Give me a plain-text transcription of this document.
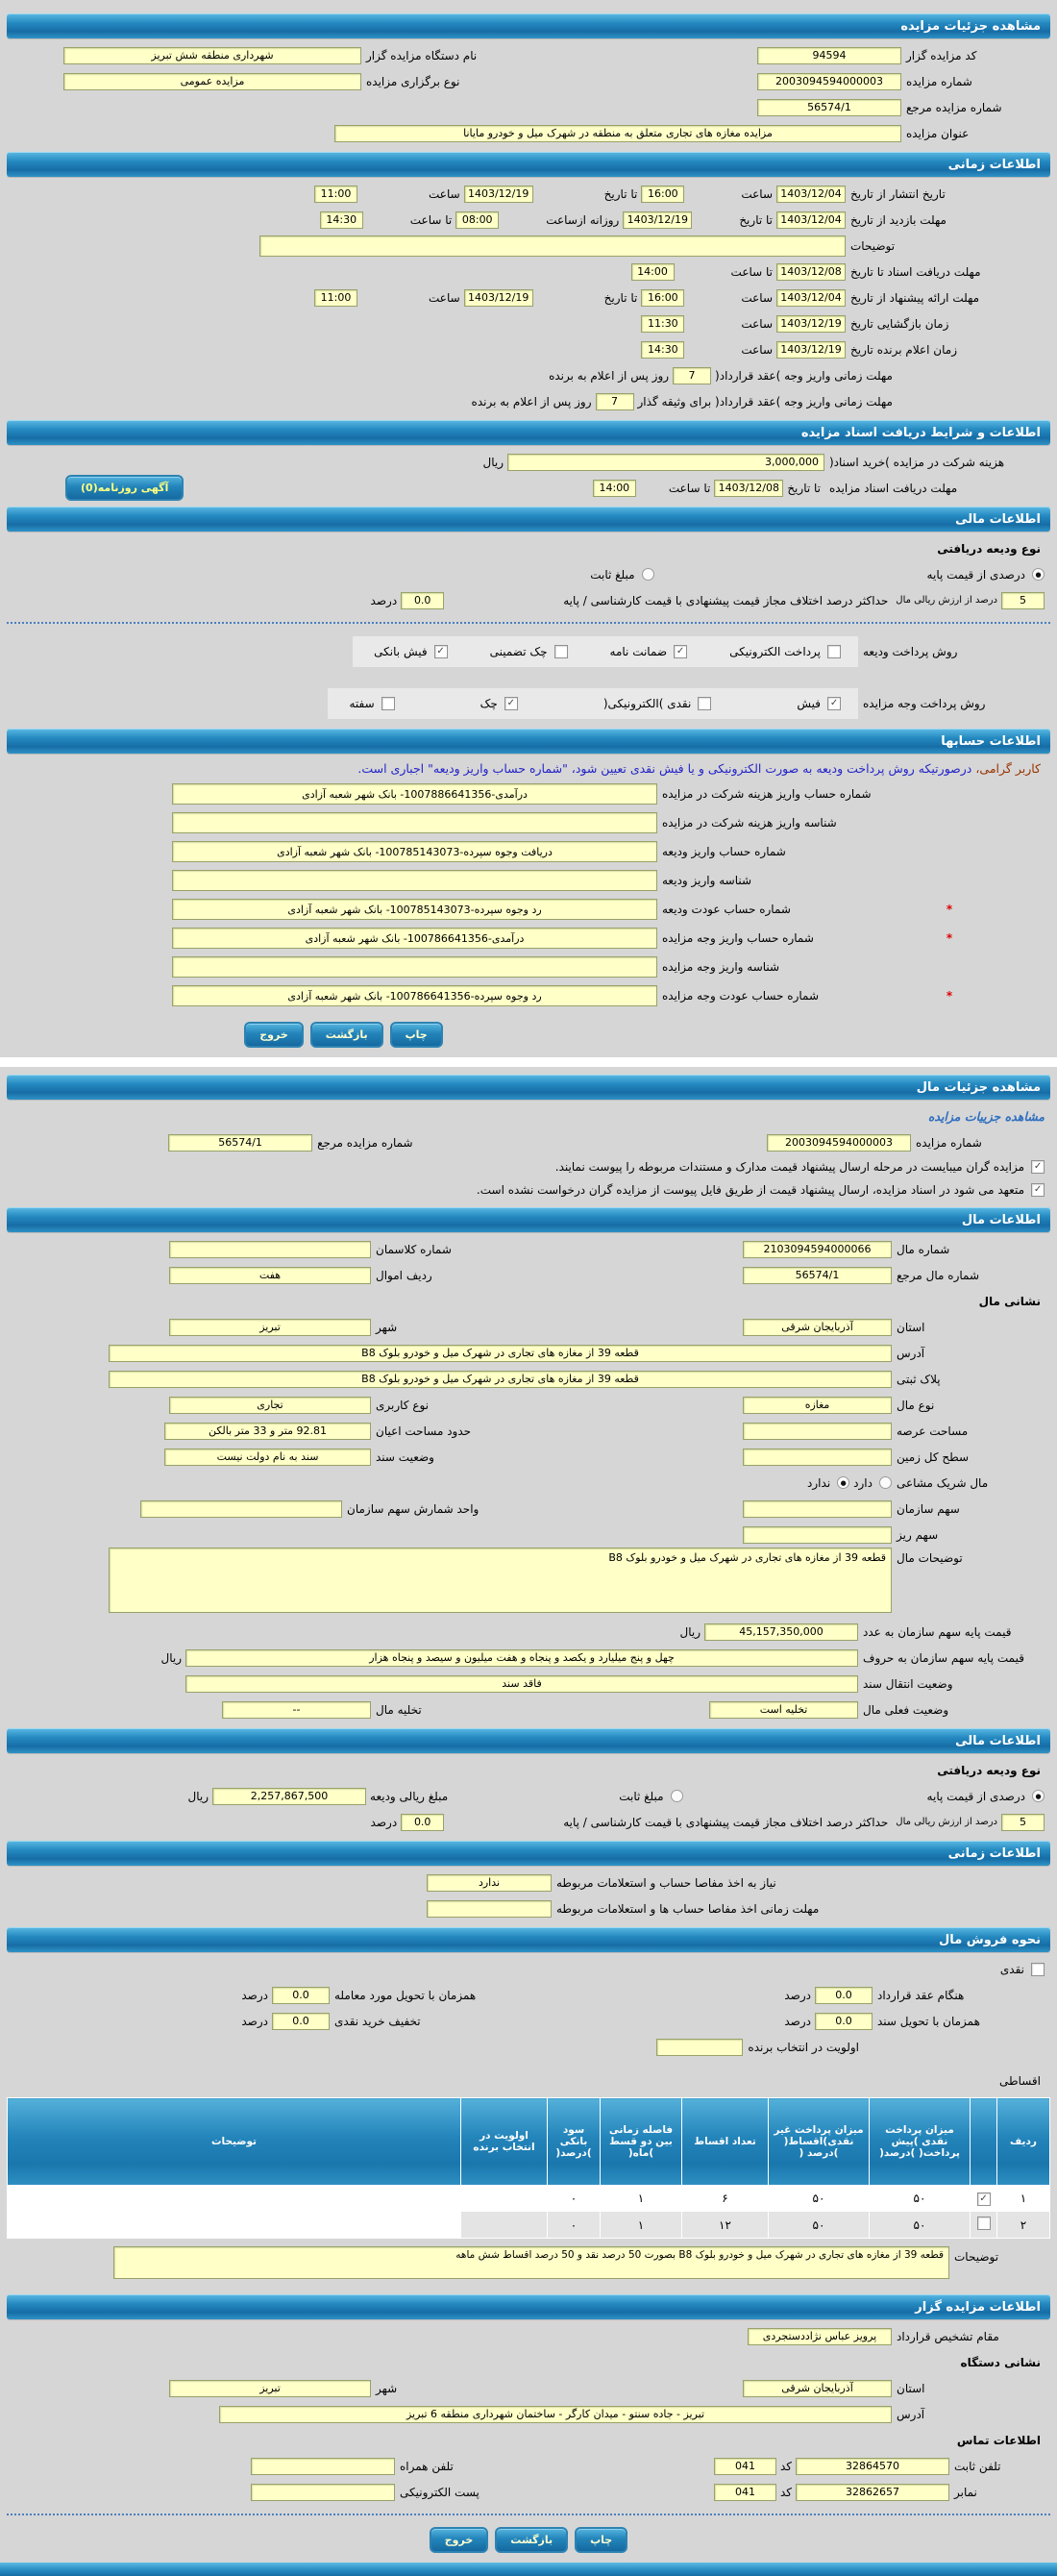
مشاهده جزئیات مزایده
کد مزایده گزار
94594
نام دستگاه مزایده گزار
شهرداری منطقه شش تبریز
شماره مزایده
2003094594000003
نوع برگزاری مزایده
مزایده عمومی
شماره مزایده مرجع
56574/1
عنوان مزایده
مزایده مغازه های تجاری متعلق به منطقه در شهرک میل و خودرو مایانا
اطلاعات زمانی
تاریخ انتشار از تاریخ
1403/12/04
ساعت
16:00
تا تاریخ
1403/12/19
ساعت
11:00
مهلت بازدید از تاریخ
1403/12/04
تا تاریخ
1403/12/19
روزانه ازساعت
08:00
تا ساعت
14:30
توضیحات
مهلت دریافت اسناد تا تاریخ
1403/12/08
تا ساعت
14:00
مهلت ارائه پیشنهاد از تاریخ
1403/12/04
ساعت
16:00
تا تاریخ
1403/12/19
ساعت
11:00
زمان بازگشایی تاریخ
1403/12/19
ساعت
11:30
زمان اعلام برنده تاریخ
1403/12/19
ساعت
14:30
مهلت زمانی واریز وجه )عقد قرارداد(
7
روز پس از اعلام به برنده
مهلت زمانی واریز وجه )عقد قرارداد( برای وثیقه گذار
7
روز پس از اعلام به برنده
اطلاعات و شرایط دریافت اسناد مزایده
هزینه شرکت در مزایده )خرید اسناد(
3,000,000
ریال
مهلت دریافت اسناد مزایده
تا تاریخ
1403/12/08
تا ساعت
14:00
آگهی روزنامه(0)
اطلاعات مالی
نوع ودیعه دریافتی
●
درصدی از قیمت پایه
مبلغ ثابت
5
درصد از ارزش ریالی مال
حداکثر درصد اختلاف مجاز قیمت پیشنهادی با قیمت کارشناسی / پایه
0.0
درصد
روش پرداخت ودیعه
پرداخت الکترونیکی
✓
ضمانت نامه
چک تضمینی
✓
فیش بانکی
روش پرداخت وجه مزایده
✓
فیش
نقدی )الکترونیکی(
✓
چک
سفته
اطلاعات حسابها
کاربر گرامی، درصورتیکه روش پرداخت ودیعه به صورت الکترونیکی و یا فیش نقدی تعیین شود، "شماره حساب واریز ودیعه" اجباری است.
شماره حساب واریز هزینه شرکت در مزایده
درآمدی-1007886641356- بانک شهر شعبه آزادی
شناسه واریز هزینه شرکت در مزایده
شماره حساب واریز ودیعه
دریافت وجوه سپرده-100785143073- بانک شهر شعبه آزادی
شناسه واریز ودیعه
*
شماره حساب عودت ودیعه
رد وجوه سپرده-100785143073- بانک شهر شعبه آزادی
*
شماره حساب واریز وجه مزایده
درآمدی-100786641356- بانک شهر شعبه آزادی
شناسه واریز وجه مزایده
*
شماره حساب عودت وجه مزایده
رد وجوه سپرده-100786641356- بانک شهر شعبه آزادی
چاپ
بازگشت
خروج
مشاهده جزئیات مال
مشاهده جزییات مزایده
شماره مزایده
2003094594000003
شماره مزایده مرجع
56574/1
✓
مزایده گران میبایست در مرحله ارسال پیشنهاد قیمت مدارک و مستندات مربوطه را پیوست نمایند.
✓
متعهد می شود در اسناد مزایده، ارسال پیشنهاد قیمت از طریق فایل پیوست از مزایده گران درخواست نشده است.
اطلاعات مال
شماره مال
2103094594000066
شماره کلاسمان
شماره مال مرجع
56574/1
ردیف اموال
هفت
نشانی مال
استان
آذربایجان شرقی
شهر
تبریز
آدرس
قطعه 39 از مغازه های تجاری در شهرک میل و خودرو بلوک B8
پلاک ثبتی
قطعه 39 از مغازه های تجاری در شهرک میل و خودرو بلوک B8
نوع مال
مغازه
نوع کاربری
تجاری
مساحت عرصه
حدود مساحت اعیان
92.81 متر و 33 متر بالکن
سطح کل زمین
وضعیت سند
سند به نام دولت نیست
مال شریک مشاعی
دارد
●
ندارد
سهم سازمان
واحد شمارش سهم سازمان
سهم ریز
توضیحات مال
قطعه 39 از مغازه های تجاری در شهرک میل و خودرو بلوک B8
قیمت پایه سهم سازمان به عدد
45,157,350,000
ریال
قیمت پایه سهم سازمان به حروف
چهل و پنج میلیارد و یکصد و پنجاه و هفت میلیون و سیصد و پنجاه هزار
ریال
وضعیت انتقال سند
فاقد سند
وضعیت فعلی مال
تخلیه است
تخلیه مال
--
اطلاعات مالی
نوع ودیعه دریافتی
●
درصدی از قیمت پایه
مبلغ ثابت
مبلغ ریالی ودیعه
2,257,867,500
ریال
5
درصد از ارزش ریالی مال
حداکثر درصد اختلاف مجاز قیمت پیشنهادی با قیمت کارشناسی / پایه
0.0
درصد
اطلاعات زمانی
نیاز به اخذ مفاصا حساب و استعلامات مربوطه
ندارد
مهلت زمانی اخذ مفاصا حساب ها و استعلامات مربوطه
نحوه فروش مال
نقدی
هنگام عقد قرارداد
0.0
درصد
همزمان با تحویل مورد معامله
0.0
درصد
همزمان با تحویل سند
0.0
درصد
تخفیف خرید نقدی
0.0
درصد
اولویت در انتخاب برنده
اقساطی
ردیف		میزان پرداخت نقدی )پیش پرداخت( )درصد(	میزان پرداخت غیر نقدی)اقساط( )درصد (	تعداد اقساط	فاصله زمانی بین دو قسط )ماه(	سود بانکی )درصد(	اولویت در انتخاب برنده	توضیحات
۱	✓	۵۰	۵۰	۶	۱	۰		
۲		۵۰	۵۰	۱۲	۱	۰		
توضیحات
قطعه 39 از مغازه های تجاری در شهرک میل و خودرو بلوک B8 بصورت 50 درصد نقد و 50 درصد اقساط شش ماهه
اطلاعات مزایده گزار
مقام تشخیص قرارداد
پرویز عباس نژاددستجردی
نشانی دستگاه
استان
آذربایجان شرقی
شهر
تبریز
آدرس
تبریز - جاده سنتو - میدان کارگر - ساختمان شهرداری منطقه 6 تبریز
اطلاعات تماس
تلفن ثابت
32864570
کد
041
تلفن همراه
نمابر
32862657
کد
041
پست الکترونیکی
چاپ
بازگشت
خروج
